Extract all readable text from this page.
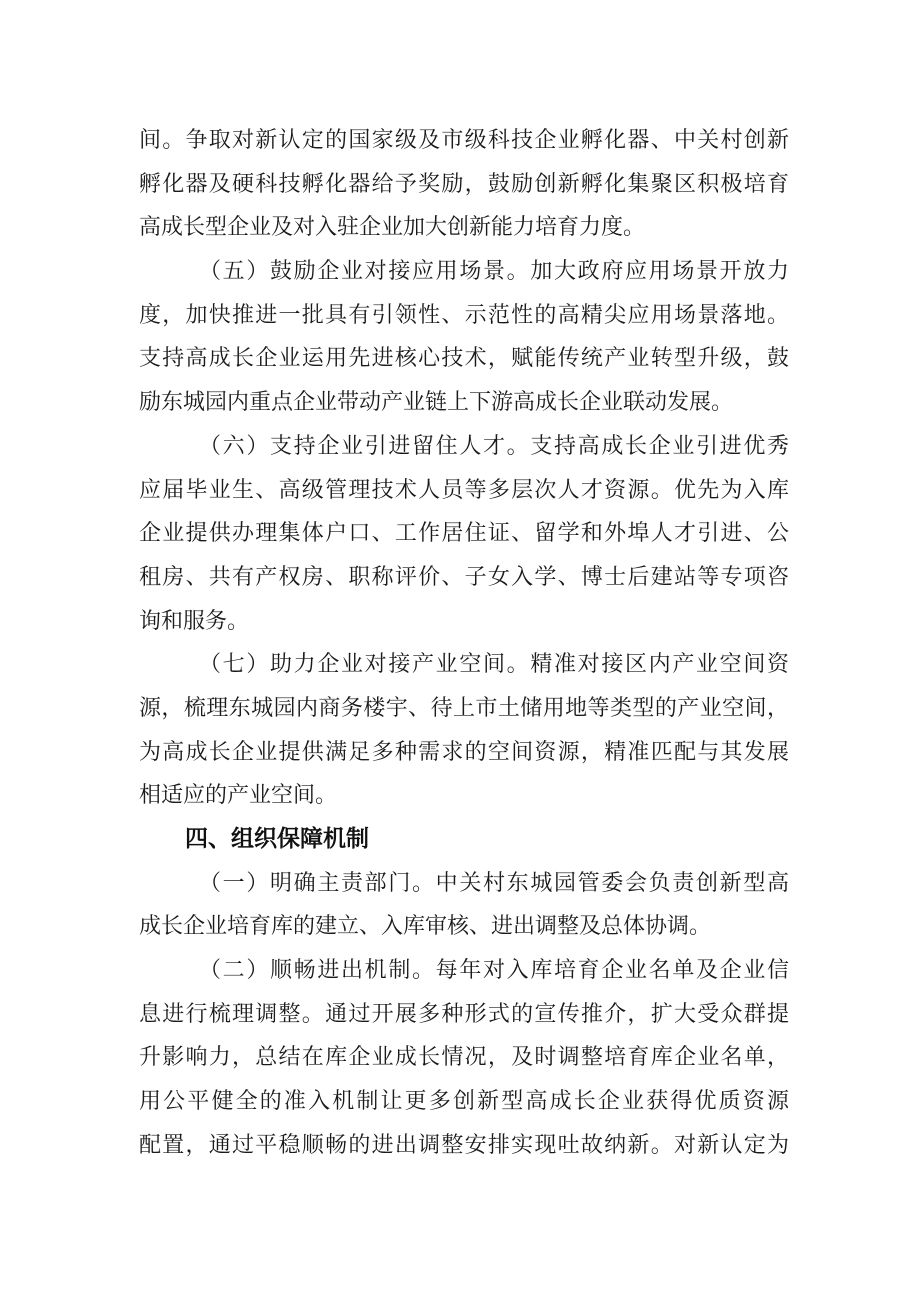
间。争取对新认定的国家级及市级科技企业孵化器、中关村创新
孵化器及硬科技孵化器给予奖励，鼓励创新孵化集聚区积极培育
高成长型企业及对入驻企业加大创新能力培育力度。
（五）鼓励企业对接应用场景。加大政府应用场景开放力
度，加快推进一批具有引领性、示范性的高精尖应用场景落地。
支持高成长企业运用先进核心技术，赋能传统产业转型升级，鼓
励东城园内重点企业带动产业链上下游高成长企业联动发展。
（六）支持企业引进留住人才。支持高成长企业引进优秀
应届毕业生、高级管理技术人员等多层次人才资源。优先为入库
企业提供办理集体户口、工作居住证、留学和外埠人才引进、公
租房、共有产权房、职称评价、子女入学、博士后建站等专项咨
询和服务。
（七）助力企业对接产业空间。精准对接区内产业空间资
源，梳理东城园内商务楼宇、待上市土储用地等类型的产业空间，
为高成长企业提供满足多种需求的空间资源，精准匹配与其发展
相适应的产业空间。
四、组织保障机制
（一）明确主责部门。中关村东城园管委会负责创新型高
成长企业培育库的建立、入库审核、进出调整及总体协调。
（二）顺畅进出机制。每年对入库培育企业名单及企业信
息进行梳理调整。通过开展多种形式的宣传推介，扩大受众群提
升影响力，总结在库企业成长情况，及时调整培育库企业名单，
用公平健全的准入机制让更多创新型高成长企业获得优质资源
配置，通过平稳顺畅的进出调整安排实现吐故纳新。对新认定为
